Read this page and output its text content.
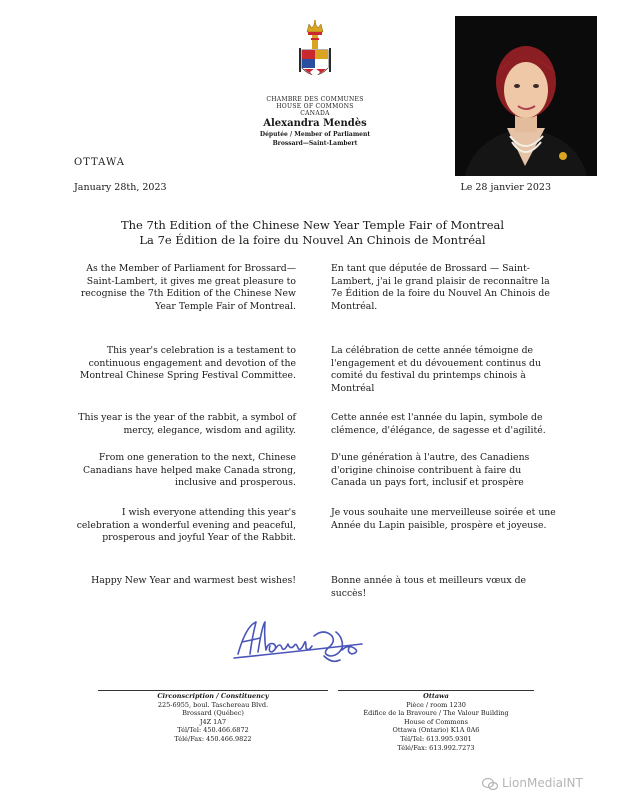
CHAMBRE DES COMMUNES
HOUSE OF COMMONS
CANADA
Alexandra Mendès
Députée / Member of Parliament
Brossard—Saint-Lambert
OTTAWA
January 28th, 2023	Le 28 janvier 2023
The 7th Edition of the Chinese New Year Temple Fair of Montreal
La 7e Édition de la foire du Nouvel An Chinois de Montréal
As the Member of Parliament for Brossard—Saint-Lambert, it gives me great pleasure to recognise the 7th Edition of the Chinese New Year Temple Fair of Montreal.
En tant que députée de Brossard — Saint-Lambert, j'ai le grand plaisir de reconnaître la 7e Édition de la foire du Nouvel An Chinois de Montréal.
This year's celebration is a testament to continuous engagement and devotion of the Montreal Chinese Spring Festival Committee.
La célébration de cette année témoigne de l'engagement et du dévouement continus du comité du festival du printemps chinois à Montréal
This year is the year of the rabbit, a symbol of mercy, elegance, wisdom and agility.
Cette année est l'année du lapin, symbole de clémence, d'élégance, de sagesse et d'agilité.
From one generation to the next, Chinese Canadians have helped make Canada strong, inclusive and prosperous.
D'une génération à l'autre, des Canadiens d'origine chinoise contribuent à faire du Canada un pays fort, inclusif et prospère
I wish everyone attending this year's celebration a wonderful evening and peaceful, prosperous and joyful Year of the Rabbit.
Je vous souhaite une merveilleuse soirée et une Année du Lapin paisible, prospère et joyeuse.
Happy New Year and warmest best wishes!	Bonne année à tous et meilleurs vœux de succès!
Circonscription / Constituency
225-6955, boul. Taschereau Blvd.
Brossard (Québec)
J4Z 1A7
Tél/Tel: 450.466.6872
Télé/Fax: 450.466.9822
Ottawa
Pièce / room 1230
Édifice de la Bravoure / The Valour Building
House of Commons
Ottawa (Ontario) K1A 0A6
Tél/Tel: 613.995.9301
Télé/Fax: 613.992.7273
LionMediaINT
